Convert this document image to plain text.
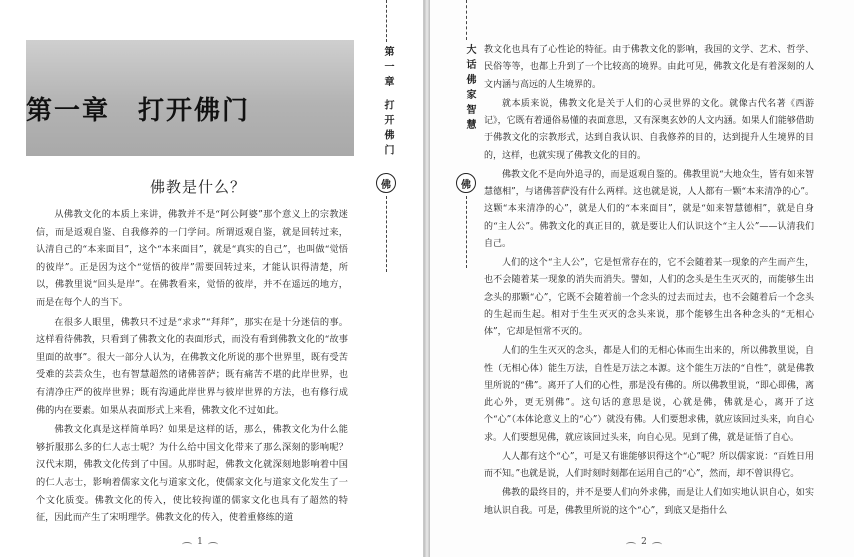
第一章　打开佛门	第一章 打开佛门
佛
佛教是什么？

从佛教文化的本质上来讲，佛教并不是“阿公阿婆”那个意义上的宗教迷信，而是返观自鉴、自我修养的一门学问。所谓返观自鉴，就是回转过来，认清自己的“本来面目”，这个“本来面目”，就是“真实的自己”，也叫做“觉悟的彼岸”。正是因为这个“觉悟的彼岸”需要回转过来，才能认识得清楚，所以，佛教里说“回头是岸”。在佛教看来，觉悟的彼岸，并不在遥远的地方，而是在每个人的当下。

在很多人眼里，佛教只不过是“求求”“拜拜”，那实在是十分迷信的事。这样看待佛教，只看到了佛教文化的表面形式，而没有看到佛教文化的“故事里面的故事”。很大一部分人认为，在佛教文化所说的那个世界里，既有受苦受难的芸芸众生，也有智慧超然的诸佛菩萨；既有痛苦不堪的此岸世界，也有清净庄严的彼岸世界；既有沟通此岸世界与彼岸世界的方法，也有修行成佛的内在要素。如果从表面形式上来看，佛教文化不过如此。

佛教文化真是这样简单吗？如果是这样的话，那么，佛教文化为什么能够折服那么多的仁人志士呢？为什么给中国文化带来了那么深刻的影响呢？汉代末期，佛教文化传到了中国。从那时起，佛教文化就深刻地影响着中国的仁人志士，影响着儒家文化与道家文化，使儒家文化与道家文化发生了一个文化质变。佛教文化的传入，使比较拘谨的儒家文化也具有了超然的特征，因此而产生了宋明理学。佛教文化的传入，使着重修练的道

1
大话佛家智慧
佛

教文化也具有了心性论的特征。由于佛教文化的影响，我国的文学、艺术、哲学、民俗等等，也都上升到了一个比较高的境界。由此可见，佛教文化是有着深刻的人文内涵与高远的人生境界的。

就本质来说，佛教文化是关于人们的心灵世界的文化。就像古代名著《西游记》，它既有着通俗易懂的表面意思，又有深奥玄妙的人文内涵。如果人们能够借助于佛教文化的宗教形式，达到自我认识、自我修养的目的，达到提升人生境界的目的，这样，也就实现了佛教文化的目的。

佛教文化不是向外追寻的，而是返观自鉴的。佛教里说“大地众生，皆有如来智慧德相”，与诸佛菩萨没有什么两样。这也就是说，人人都有一颗“本来清净的心”。这颗“本来清净的心”，就是人们的“本来面目”，就是“如来智慧德相”，就是自身的“主人公”。佛教文化的真正目的，就是要让人们认识这个“主人公”——认清我们自己。

人们的这个“主人公”，它是恒常存在的，它不会随着某一现象的产生而产生，也不会随着某一现象的消失而消失。譬如，人们的念头是生生灭灭的，而能够生出念头的那颗“心”，它既不会随着前一个念头的过去而过去，也不会随着后一个念头的生起而生起。相对于生生灭灭的念头来说，那个能够生出各种念头的“无相心体”，它却是恒常不灭的。

人们的生生灭灭的念头，都是人们的无相心体而生出来的，所以佛教里说，自性（无相心体）能生万法，自性是万法之本源。这个能生万法的“自性”，就是佛教里所说的“佛”。离开了人们的心性，那是没有佛的。所以佛教里说，“即心即佛，离此心外，更无别佛”。这句话的意思是说，心就是佛，佛就是心，离开了这个“心”（本体论意义上的“心”）就没有佛。人们要想求佛，就应该回过头来，向自心求。人们要想见佛，就应该回过头来，向自心见。见到了佛，就是证悟了自心。

人人都有这个“心”，可是又有谁能够识得这个“心”呢？所以儒家说：“百姓日用而不知。”也就是说，人们时刻时刻都在运用自己的“心”，然而，却不曾识得它。

佛教的最终目的，并不是要人们向外求佛，而是让人们如实地认识自心，如实地认识自我。可是，佛教里所说的这个“心”，到底又是指什么

2
